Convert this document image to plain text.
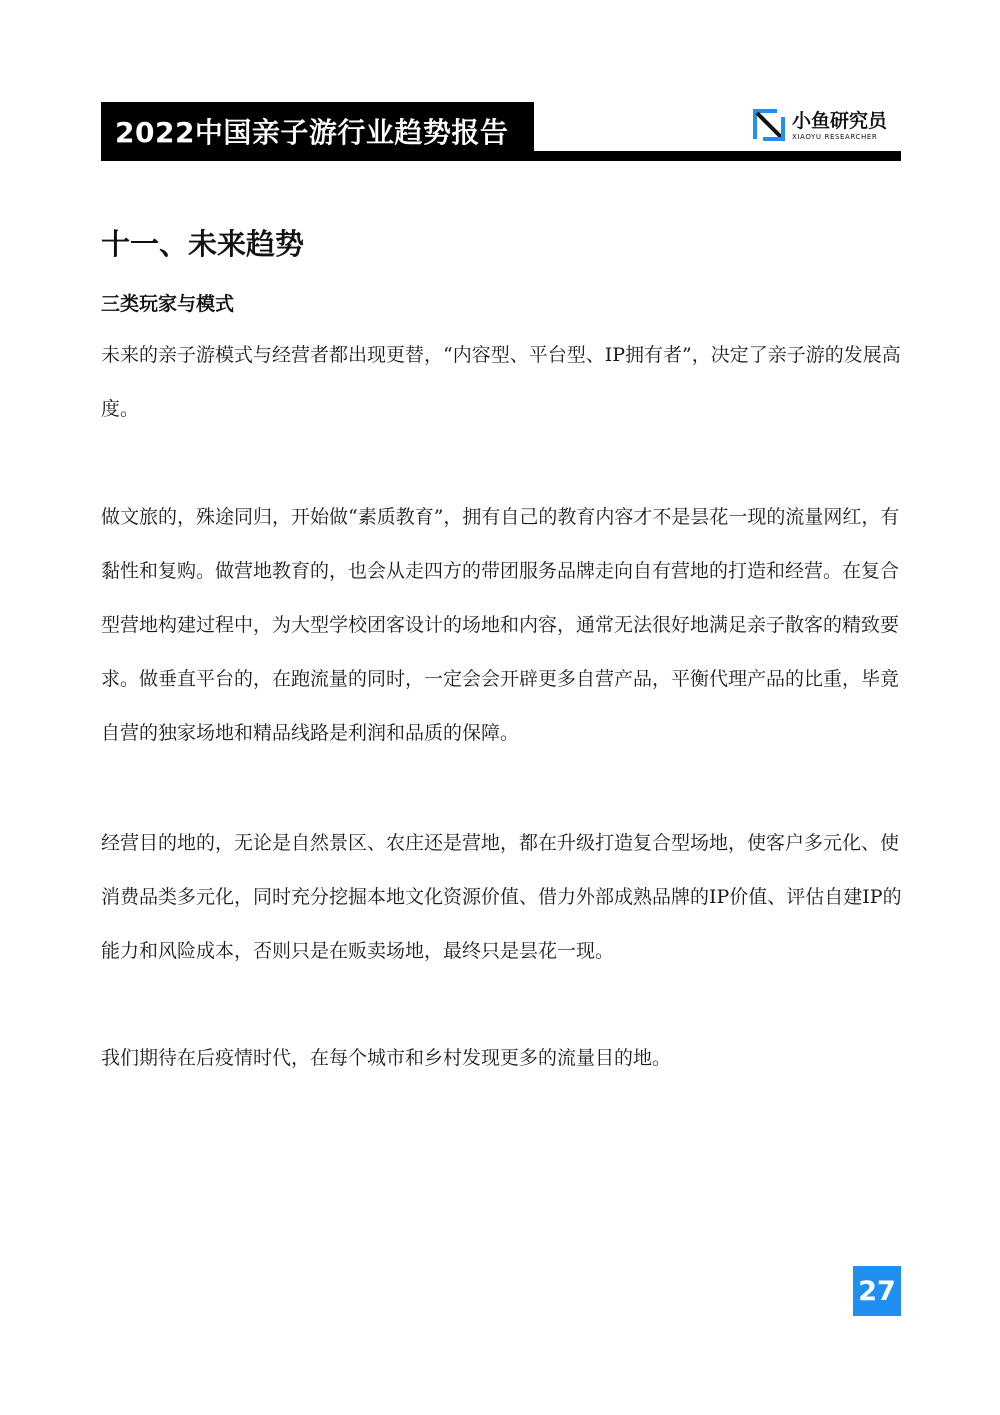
2022中国亲子游行业趋势报告	小鱼研究员
XIAOYU RESEARCHER
十一、未来趋势
三类玩家与模式

未来的亲子游模式与经营者都出现更替，“内容型、平台型、IP拥有者”，决定了亲子游的发展高度。

做文旅的，殊途同归，开始做“素质教育”，拥有自己的教育内容才不是昙花一现的流量网红，有黏性和复购。做营地教育的，也会从走四方的带团服务品牌走向自有营地的打造和经营。在复合型营地构建过程中，为大型学校团客设计的场地和内容，通常无法很好地满足亲子散客的精致要求。做垂直平台的，在跑流量的同时，一定会会开辟更多自营产品，平衡代理产品的比重，毕竟自营的独家场地和精品线路是利润和品质的保障。

经营目的地的，无论是自然景区、农庄还是营地，都在升级打造复合型场地，使客户多元化、使消费品类多元化，同时充分挖掘本地文化资源价值、借力外部成熟品牌的IP价值、评估自建IP的能力和风险成本，否则只是在贩卖场地，最终只是昙花一现。

我们期待在后疫情时代，在每个城市和乡村发现更多的流量目的地。

27
